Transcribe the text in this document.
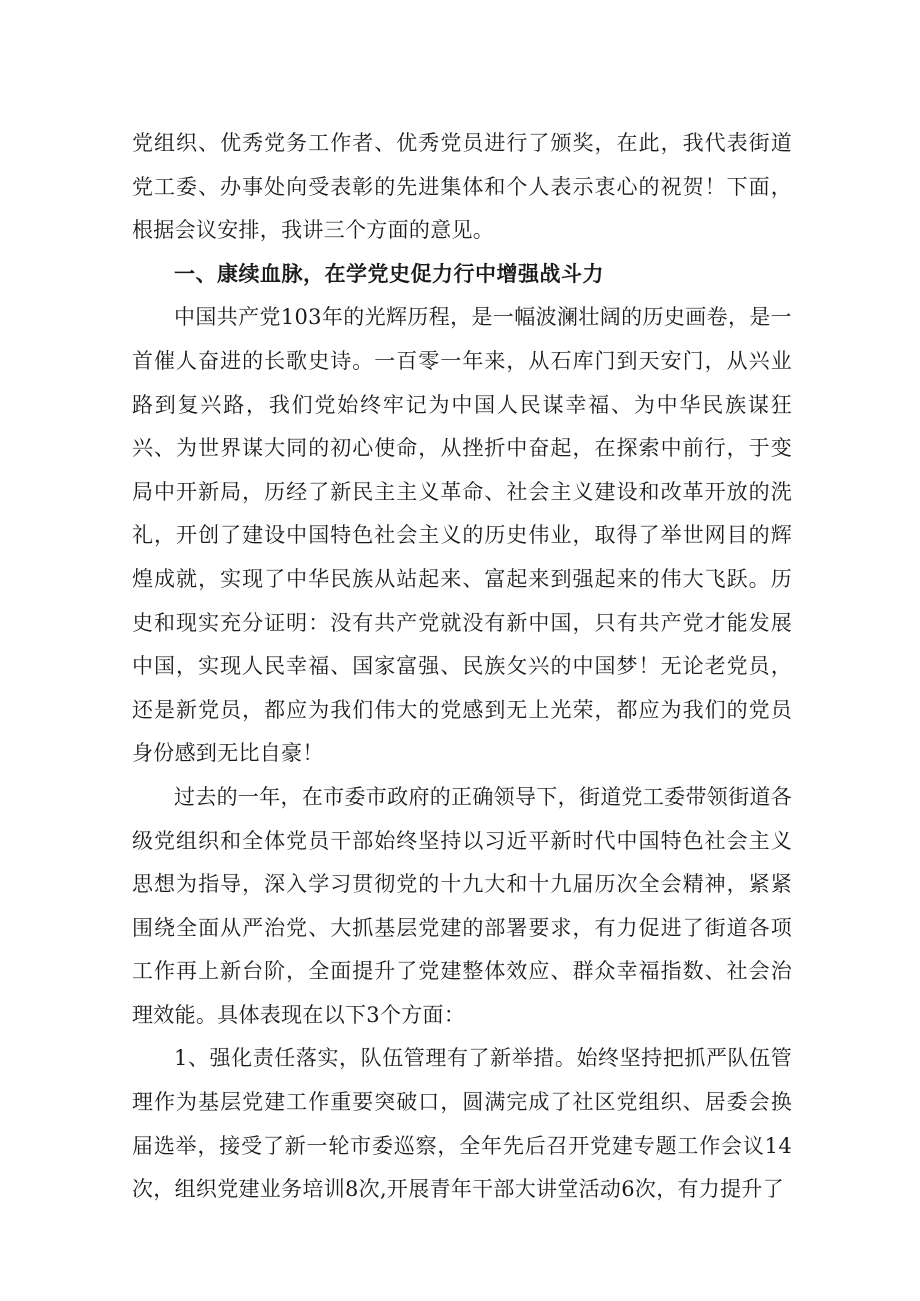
党组织、优秀党务工作者、优秀党员进行了颁奖，在此，我代表街道党工委、办事处向受表彰的先进集体和个人表示衷心的祝贺！下面，根据会议安排，我讲三个方面的意见。

一、康续血脉，在学党史促力行中增强战斗力

中国共产党103年的光辉历程，是一幅波澜壮阔的历史画卷，是一首催人奋进的长歌史诗。一百零一年来，从石库门到天安门，从兴业路到复兴路，我们党始终牢记为中国人民谋幸福、为中华民族谋狂兴、为世界谋大同的初心使命，从挫折中奋起，在探索中前行，于变局中开新局，历经了新民主主义革命、社会主义建设和改革开放的洗礼，开创了建设中国特色社会主义的历史伟业，取得了举世网目的辉煌成就，实现了中华民族从站起来、富起来到强起来的伟大飞跃。历史和现实充分证明：没有共产党就没有新中国，只有共产党才能发展中国，实现人民幸福、国家富强、民族攵兴的中国梦！无论老党员，还是新党员，都应为我们伟大的党感到无上光荣，都应为我们的党员身份感到无比自豪！

过去的一年，在市委市政府的正确领导下，街道党工委带领街道各级党组织和全体党员干部始终坚持以习近平新时代中国特色社会主义思想为指导，深入学习贯彻党的十九大和十九届历次全会精神，紧紧围绕全面从严治党、大抓基层党建的部署要求，有力促进了街道各项工作再上新台阶，全面提升了党建整体效应、群众幸福指数、社会治理效能。具体表现在以下3个方面：

1、强化责任落实，队伍管理有了新举措。始终坚持把抓严队伍管理作为基层党建工作重要突破口，圆满完成了社区党组织、居委会换届选举，接受了新一轮市委巡察，全年先后召开党建专题工作会议14次，组织党建业务培训8次,开展青年干部大讲堂活动6次，有力提升了
